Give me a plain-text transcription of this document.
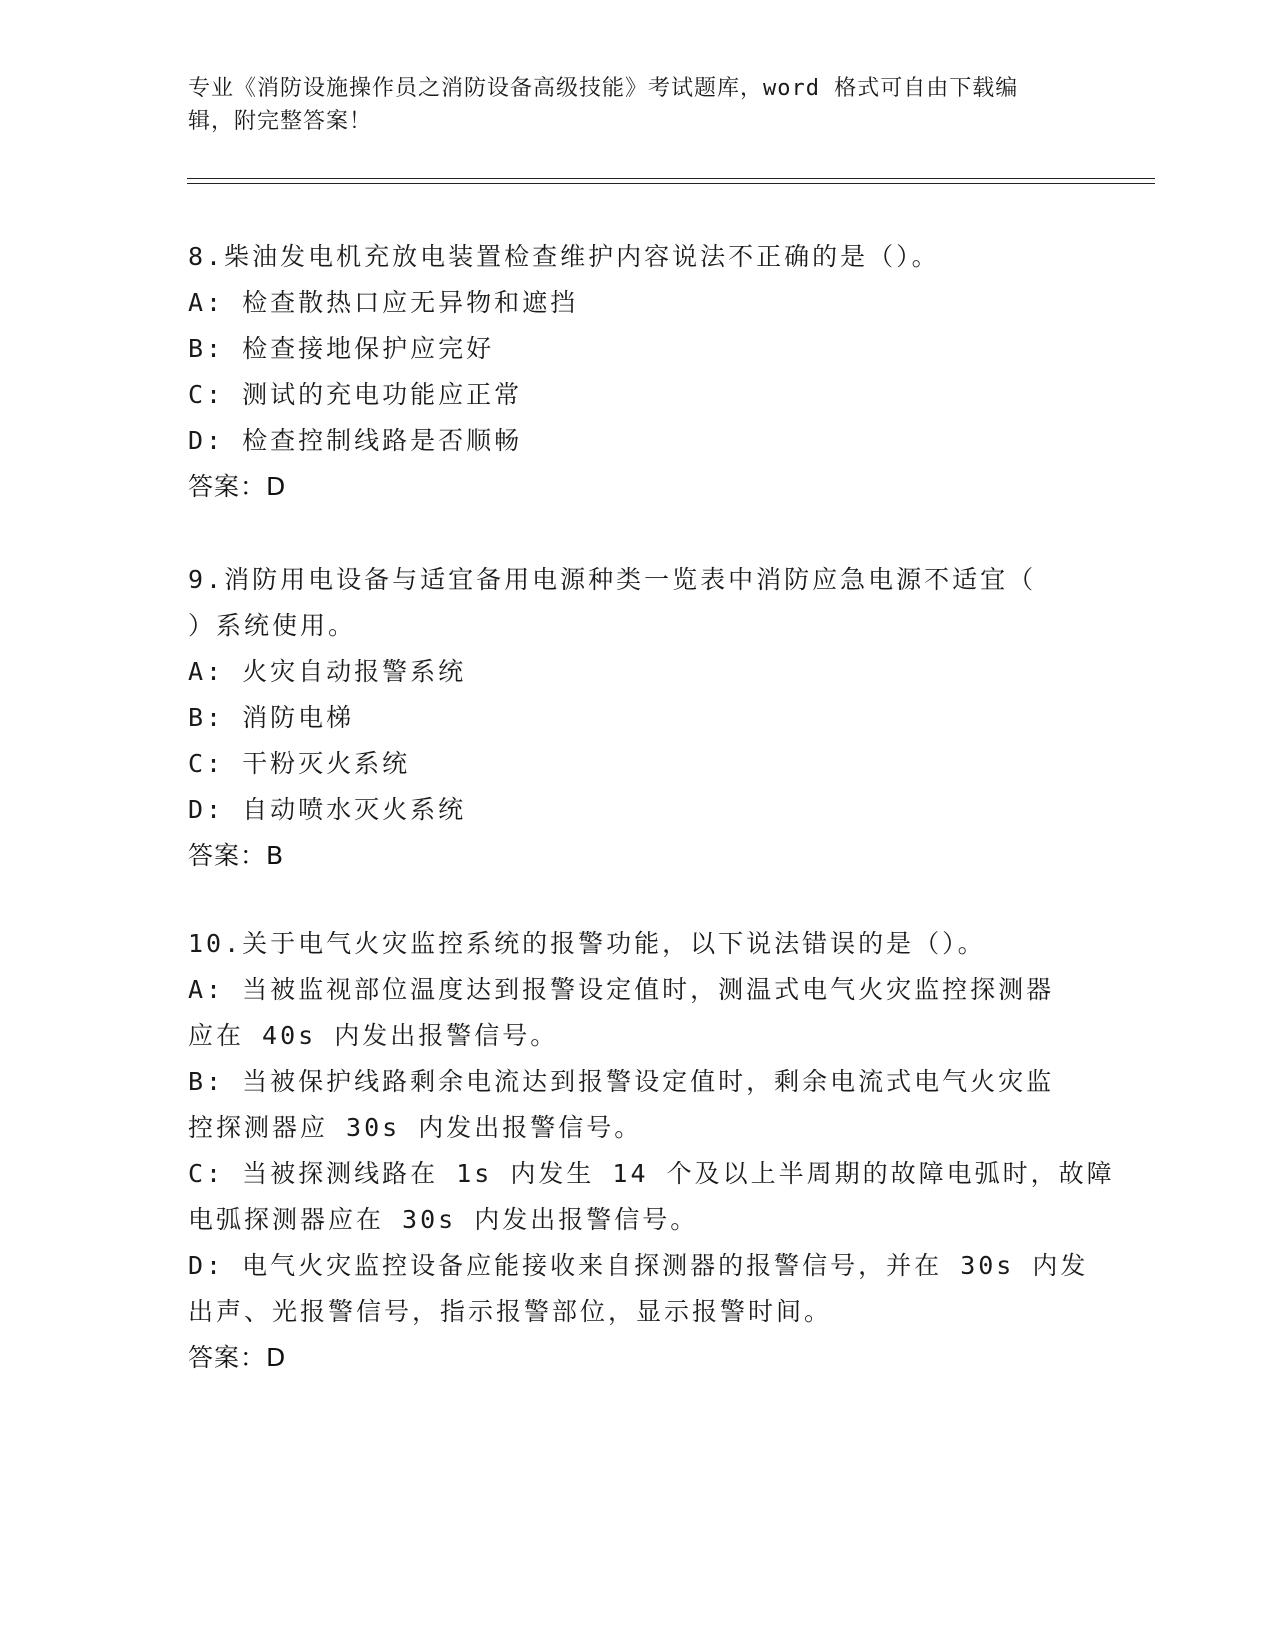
专业《消防设施操作员之消防设备高级技能》考试题库，word 格式可自由下载编
辑，附完整答案！
8.柴油发电机充放电装置检查维护内容说法不正确的是（）。
A: 检查散热口应无异物和遮挡
B: 检查接地保护应完好
C: 测试的充电功能应正常
D: 检查控制线路是否顺畅
答案：D
9.消防用电设备与适宜备用电源种类一览表中消防应急电源不适宜（
）系统使用。
A: 火灾自动报警系统
B: 消防电梯
C: 干粉灭火系统
D: 自动喷水灭火系统
答案：B
10.关于电气火灾监控系统的报警功能，以下说法错误的是（）。
A: 当被监视部位温度达到报警设定值时，测温式电气火灾监控探测器
应在 40s 内发出报警信号。
B: 当被保护线路剩余电流达到报警设定值时，剩余电流式电气火灾监
控探测器应 30s 内发出报警信号。
C: 当被探测线路在 1s 内发生 14 个及以上半周期的故障电弧时，故障
电弧探测器应在 30s 内发出报警信号。
D: 电气火灾监控设备应能接收来自探测器的报警信号，并在 30s 内发
出声、光报警信号，指示报警部位，显示报警时间。
答案：D
